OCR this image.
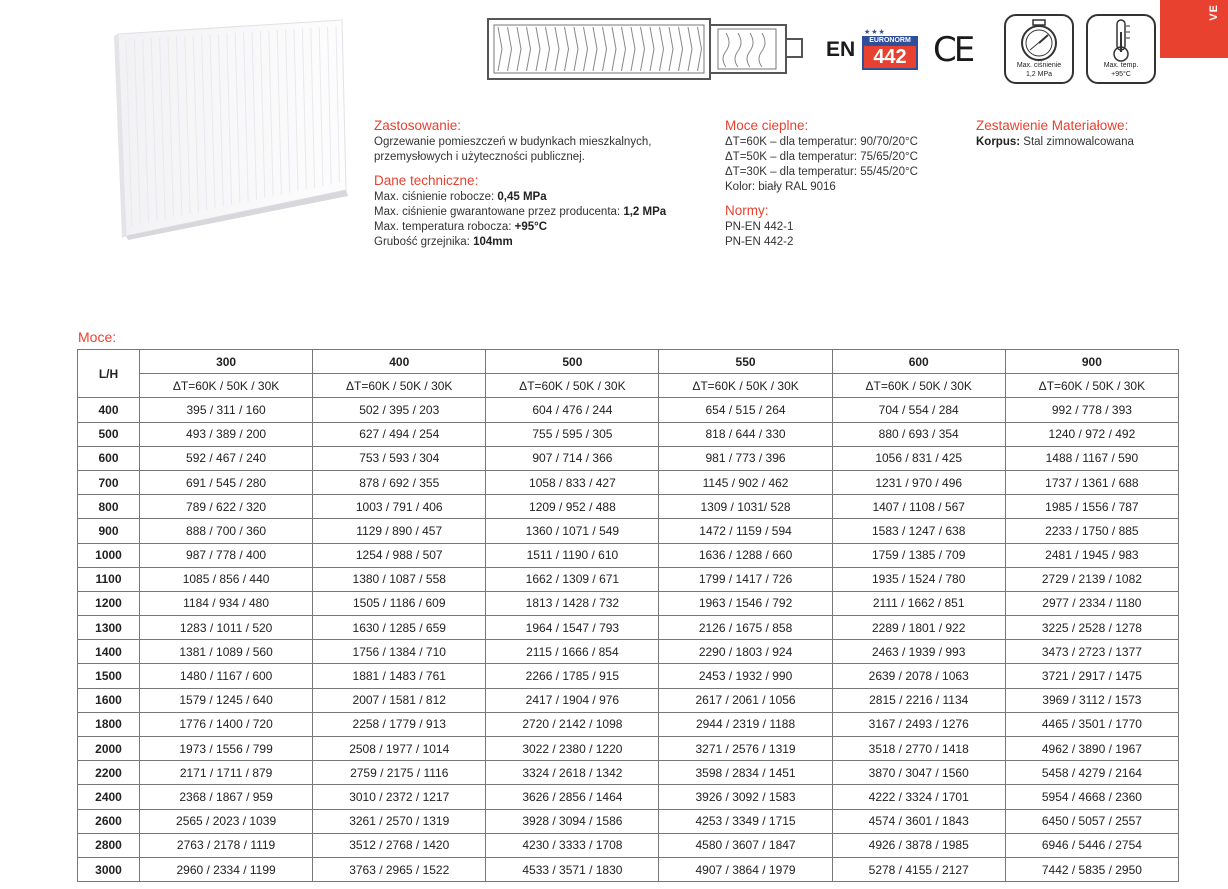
VE
★★★
EN	EURONORM
442 CE	Max. ciśnienie
1,2 MPa
Max. temp.
+95°C
Zastosowanie:
Ogrzewanie pomieszczeń w budynkach mieszkalnych,
przemysłowych i użyteczności publicznej.
Dane techniczne:
Max. ciśnienie robocze: 0,45 MPa
Max. ciśnienie gwarantowane przez producenta: 1,2 MPa
Max. temperatura robocza: +95°C
Grubość grzejnika: 104mm
Moce cieplne:
ΔT=60K – dla temperatur: 90/70/20°C
ΔT=50K – dla temperatur: 75/65/20°C
ΔT=30K – dla temperatur: 55/45/20°C
Kolor: biały RAL 9016
Normy:
PN-EN 442-1
PN-EN 442-2
Zestawienie Materiałowe:
Korpus: Stal zimnowalcowana
Moce:
L/H	300	400	500	550	600	900
	ΔT=60K / 50K / 30K	ΔT=60K / 50K / 30K	ΔT=60K / 50K / 30K	ΔT=60K / 50K / 30K	ΔT=60K / 50K / 30K	ΔT=60K / 50K / 30K
400	395 / 311 / 160	502 / 395 / 203	604 / 476 / 244	654 / 515 / 264	704 / 554 / 284	992 / 778 / 393
500	493 / 389 / 200	627 / 494 / 254	755 / 595 / 305	818 / 644 / 330	880 / 693 / 354	1240 / 972 / 492
600	592 / 467 / 240	753 / 593 / 304	907 / 714 / 366	981 / 773 / 396	1056 / 831 / 425	1488 / 1167 / 590
700	691 / 545 / 280	878 / 692 / 355	1058 / 833 / 427	1145 / 902 / 462	1231 / 970 / 496	1737 / 1361 / 688
800	789 / 622 / 320	1003 / 791 / 406	1209 / 952 / 488	1309 / 1031/ 528	1407 / 1108 / 567	1985 / 1556 / 787
900	888 / 700 / 360	1129 / 890 / 457	1360 / 1071 / 549	1472 / 1159 / 594	1583 / 1247 / 638	2233 / 1750 / 885
1000	987 / 778 / 400	1254 / 988 / 507	1511 / 1190 / 610	1636 / 1288 / 660	1759 / 1385 / 709	2481 / 1945 / 983
1100	1085 / 856 / 440	1380 / 1087 / 558	1662 / 1309 / 671	1799 / 1417 / 726	1935 / 1524 / 780	2729 / 2139 / 1082
1200	1184 / 934 / 480	1505 / 1186 / 609	1813 / 1428 / 732	1963 / 1546 / 792	2111 / 1662 / 851	2977 / 2334 / 1180
1300	1283 / 1011 / 520	1630 / 1285 / 659	1964 / 1547 / 793	2126 / 1675 / 858	2289 / 1801 / 922	3225 / 2528 / 1278
1400	1381 / 1089 / 560	1756 / 1384 / 710	2115 / 1666 / 854	2290 / 1803 / 924	2463 / 1939 / 993	3473 / 2723 / 1377
1500	1480 / 1167 / 600	1881 / 1483 / 761	2266 / 1785 / 915	2453 / 1932 / 990	2639 / 2078 / 1063	3721 / 2917 / 1475
1600	1579 / 1245 / 640	2007 / 1581 / 812	2417 / 1904 / 976	2617 / 2061 / 1056	2815 / 2216 / 1134	3969 / 3112 / 1573
1800	1776 / 1400 / 720	2258 / 1779 / 913	2720 / 2142 / 1098	2944 / 2319 / 1188	3167 / 2493 / 1276	4465 / 3501 / 1770
2000	1973 / 1556 / 799	2508 / 1977 / 1014	3022 / 2380 / 1220	3271 / 2576 / 1319	3518 / 2770 / 1418	4962 / 3890 / 1967
2200	2171 / 1711 / 879	2759 / 2175 / 1116	3324 / 2618 / 1342	3598 / 2834 / 1451	3870 / 3047 / 1560	5458 / 4279 / 2164
2400	2368 / 1867 / 959	3010 / 2372 / 1217	3626 / 2856 / 1464	3926 / 3092 / 1583	4222 / 3324 / 1701	5954 / 4668 / 2360
2600	2565 / 2023 / 1039	3261 / 2570 / 1319	3928 / 3094 / 1586	4253 / 3349 / 1715	4574 / 3601 / 1843	6450 / 5057 / 2557
2800	2763 / 2178 / 1119	3512 / 2768 / 1420	4230 / 3333 / 1708	4580 / 3607 / 1847	4926 / 3878 / 1985	6946 / 5446 / 2754
3000	2960 / 2334 / 1199	3763 / 2965 / 1522	4533 / 3571 / 1830	4907 / 3864 / 1979	5278 / 4155 / 2127	7442 / 5835 / 2950
